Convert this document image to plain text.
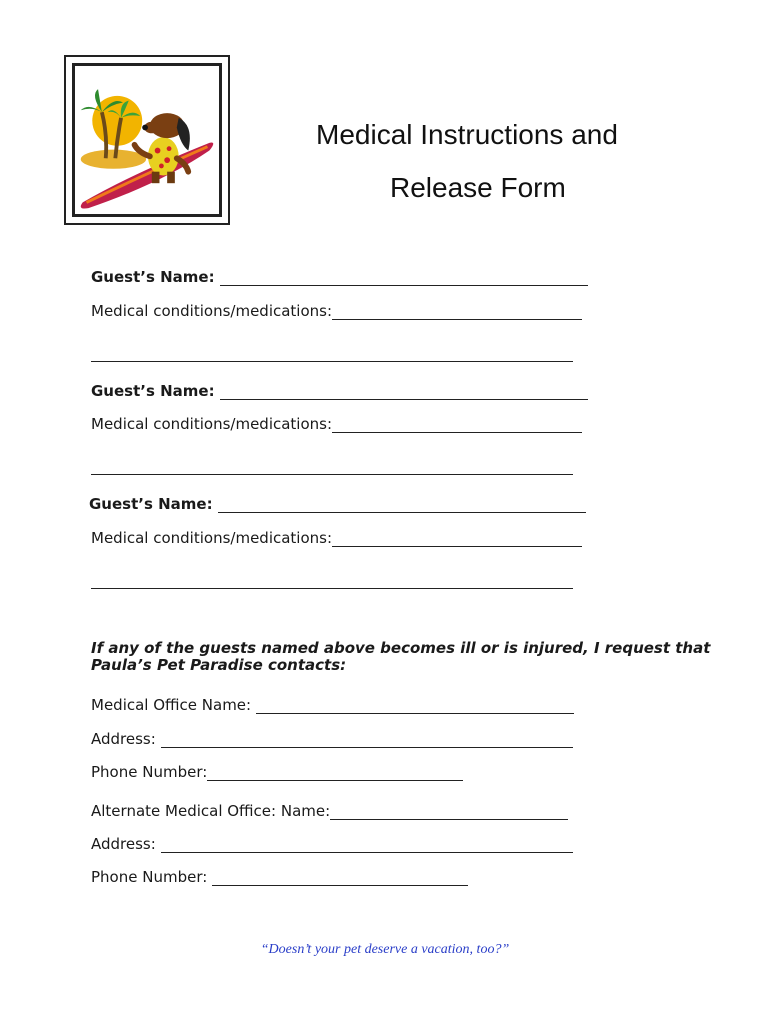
Medical Instructions and
Release Form
Guest’s Name:
Medical conditions/medications:
Guest’s Name:
Medical conditions/medications:
Guest’s Name:
Medical conditions/medications:
If any of the guests named above becomes ill or is injured, I request that Paula’s Pet Paradise contacts:
Medical Office Name:
Address:
Phone Number:
Alternate Medical Office: Name:
Address:
Phone Number:
“Doesn’t your pet deserve a vacation, too?”
